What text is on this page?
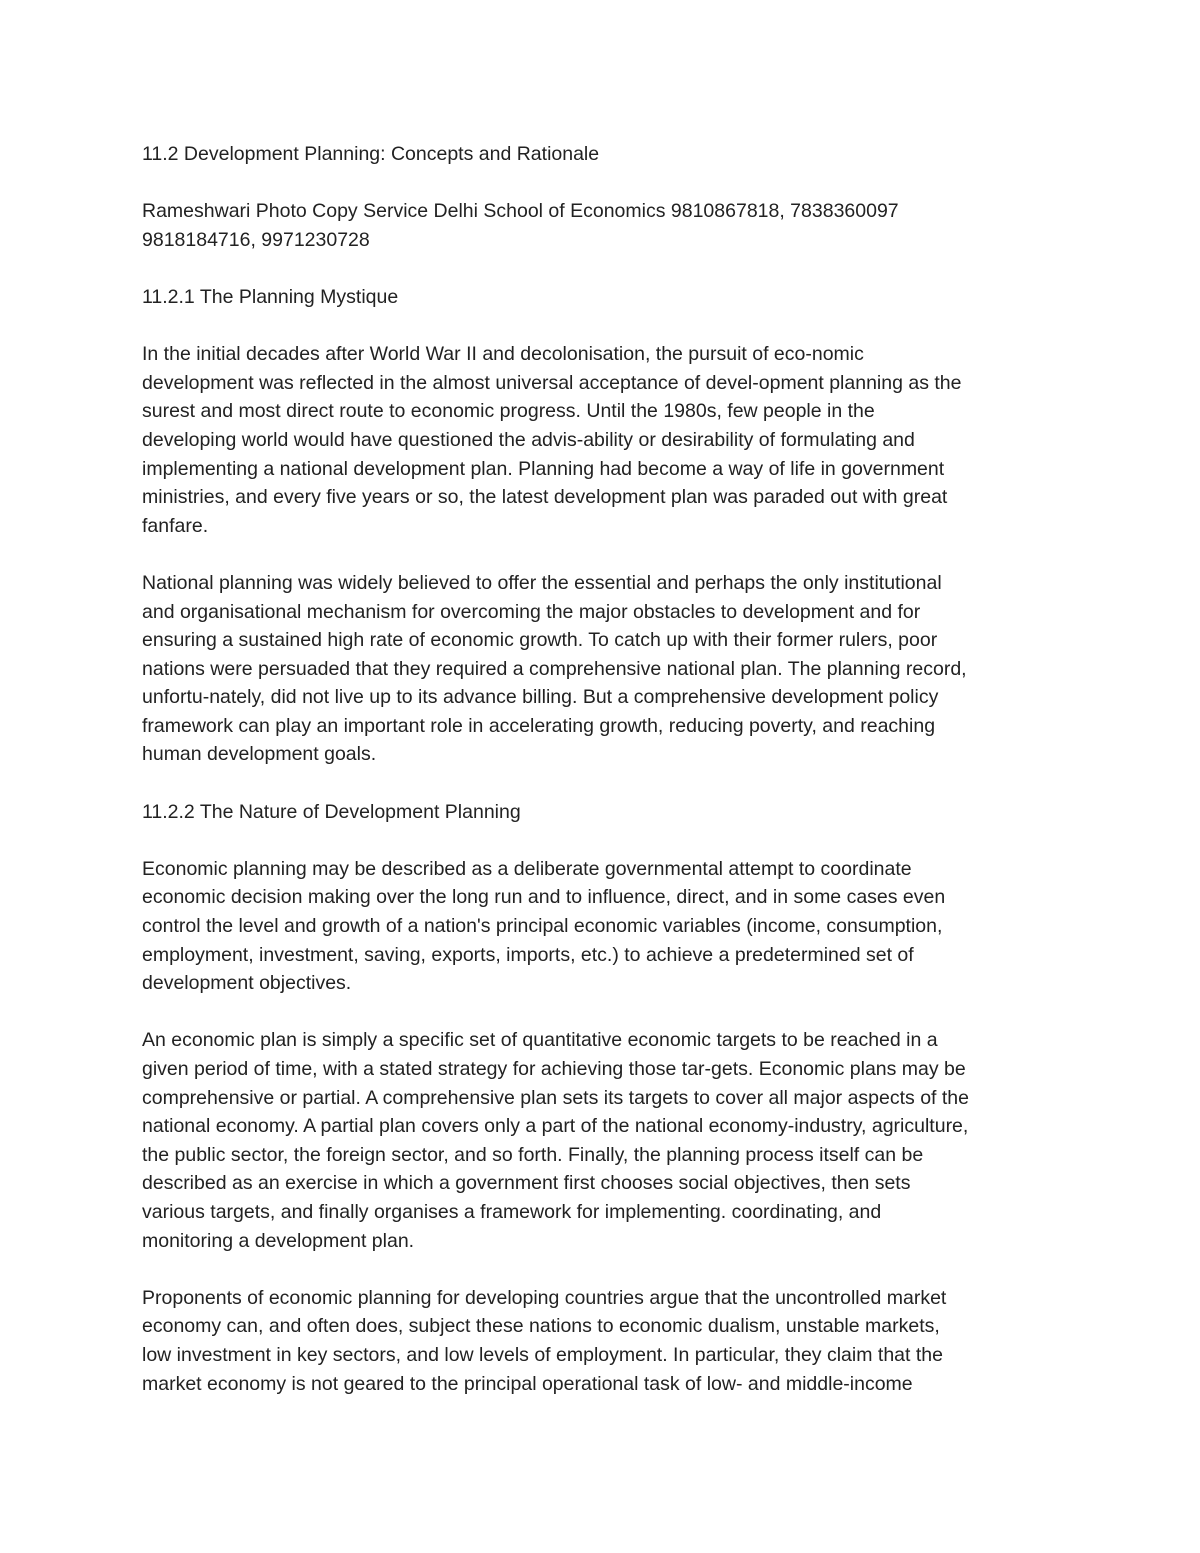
11.2 Development Planning: Concepts and Rationale

Rameshwari Photo Copy Service Delhi School of Economics 9810867818, 7838360097
9818184716, 9971230728

11.2.1 The Planning Mystique

In the initial decades after World War II and decolonisation, the pursuit of eco-nomic
development was reflected in the almost universal acceptance of devel-opment planning as the
surest and most direct route to economic progress. Until the 1980s, few people in the
developing world would have questioned the advis-ability or desirability of formulating and
implementing a national development plan. Planning had become a way of life in government
ministries, and every five years or so, the latest development plan was paraded out with great
fanfare.

National planning was widely believed to offer the essential and perhaps the only institutional
and organisational mechanism for overcoming the major obstacles to development and for
ensuring a sustained high rate of economic growth. To catch up with their former rulers, poor
nations were persuaded that they required a comprehensive national plan. The planning record,
unfortu-nately, did not live up to its advance billing. But a comprehensive development policy
framework can play an important role in accelerating growth, reducing poverty, and reaching
human development goals.

11.2.2 The Nature of Development Planning

Economic planning may be described as a deliberate governmental attempt to coordinate
economic decision making over the long run and to influence, direct, and in some cases even
control the level and growth of a nation's principal economic variables (income, consumption,
employment, investment, saving, exports, imports, etc.) to achieve a predetermined set of
development objectives.

An economic plan is simply a specific set of quantitative economic targets to be reached in a
given period of time, with a stated strategy for achieving those tar-gets. Economic plans may be
comprehensive or partial. A comprehensive plan sets its targets to cover all major aspects of the
national economy. A partial plan covers only a part of the national economy-industry, agriculture,
the public sector, the foreign sector, and so forth. Finally, the planning process itself can be
described as an exercise in which a government first chooses social objectives, then sets
various targets, and finally organises a framework for implementing. coordinating, and
monitoring a development plan.

Proponents of economic planning for developing countries argue that the uncontrolled market
economy can, and often does, subject these nations to economic dualism, unstable markets,
low investment in key sectors, and low levels of employment. In particular, they claim that the
market economy is not geared to the principal operational task of low- and middle-income
